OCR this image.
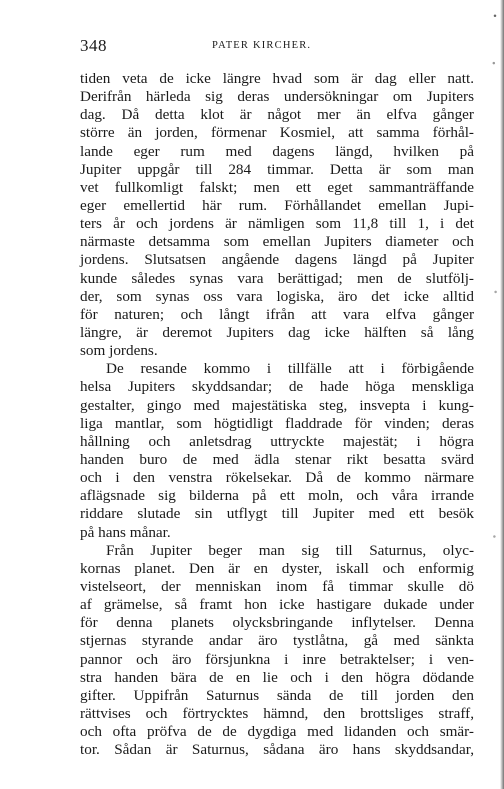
348	PATER KIRCHER.
tiden veta de icke längre hvad som är dag eller natt.
Derifrån härleda sig deras undersökningar om Jupiters
dag. Då detta klot är något mer än elfva gånger
större än jorden, förmenar Kosmiel, att samma förhål-
lande eger rum med dagens längd, hvilken på
Jupiter uppgår till 284 timmar. Detta är som man
vet fullkomligt falskt; men ett eget sammanträffande
eger emellertid här rum. Förhållandet emellan Jupi-
ters år och jordens är nämligen som 11,8 till 1, i det
närmaste detsamma som emellan Jupiters diameter och
jordens. Slutsatsen angående dagens längd på Jupiter
kunde således synas vara berättigad; men de slutfölj-
der, som synas oss vara logiska, äro det icke alltid
för naturen; och långt ifrån att vara elfva gånger
längre, är deremot Jupiters dag icke hälften så lång
som jordens.
De resande kommo i tillfälle att i förbigående
helsa Jupiters skyddsandar; de hade höga menskliga
gestalter, gingo med majestätiska steg, insvepta i kung-
liga mantlar, som högtidligt fladdrade för vinden; deras
hållning och anletsdrag uttryckte majestät; i högra
handen buro de med ädla stenar rikt besatta svärd
och i den venstra rökelsekar. Då de kommo närmare
aflägsnade sig bilderna på ett moln, och våra irrande
riddare slutade sin utflygt till Jupiter med ett besök
på hans månar.
Från Jupiter beger man sig till Saturnus, olyc-
kornas planet. Den är en dyster, iskall och enformig
vistelseort, der menniskan inom få timmar skulle dö
af grämelse, så framt hon icke hastigare dukade under
för denna planets olycksbringande inflytelser. Denna
stjernas styrande andar äro tystlåtna, gå med sänkta
pannor och äro försjunkna i inre betraktelser; i ven-
stra handen bära de en lie och i den högra dödande
gifter. Uppifrån Saturnus sända de till jorden den
rättvises och förtrycktes hämnd, den brottsliges straff,
och ofta pröfva de de dygdiga med lidanden och smär-
tor. Sådan är Saturnus, sådana äro hans skyddsandar,
